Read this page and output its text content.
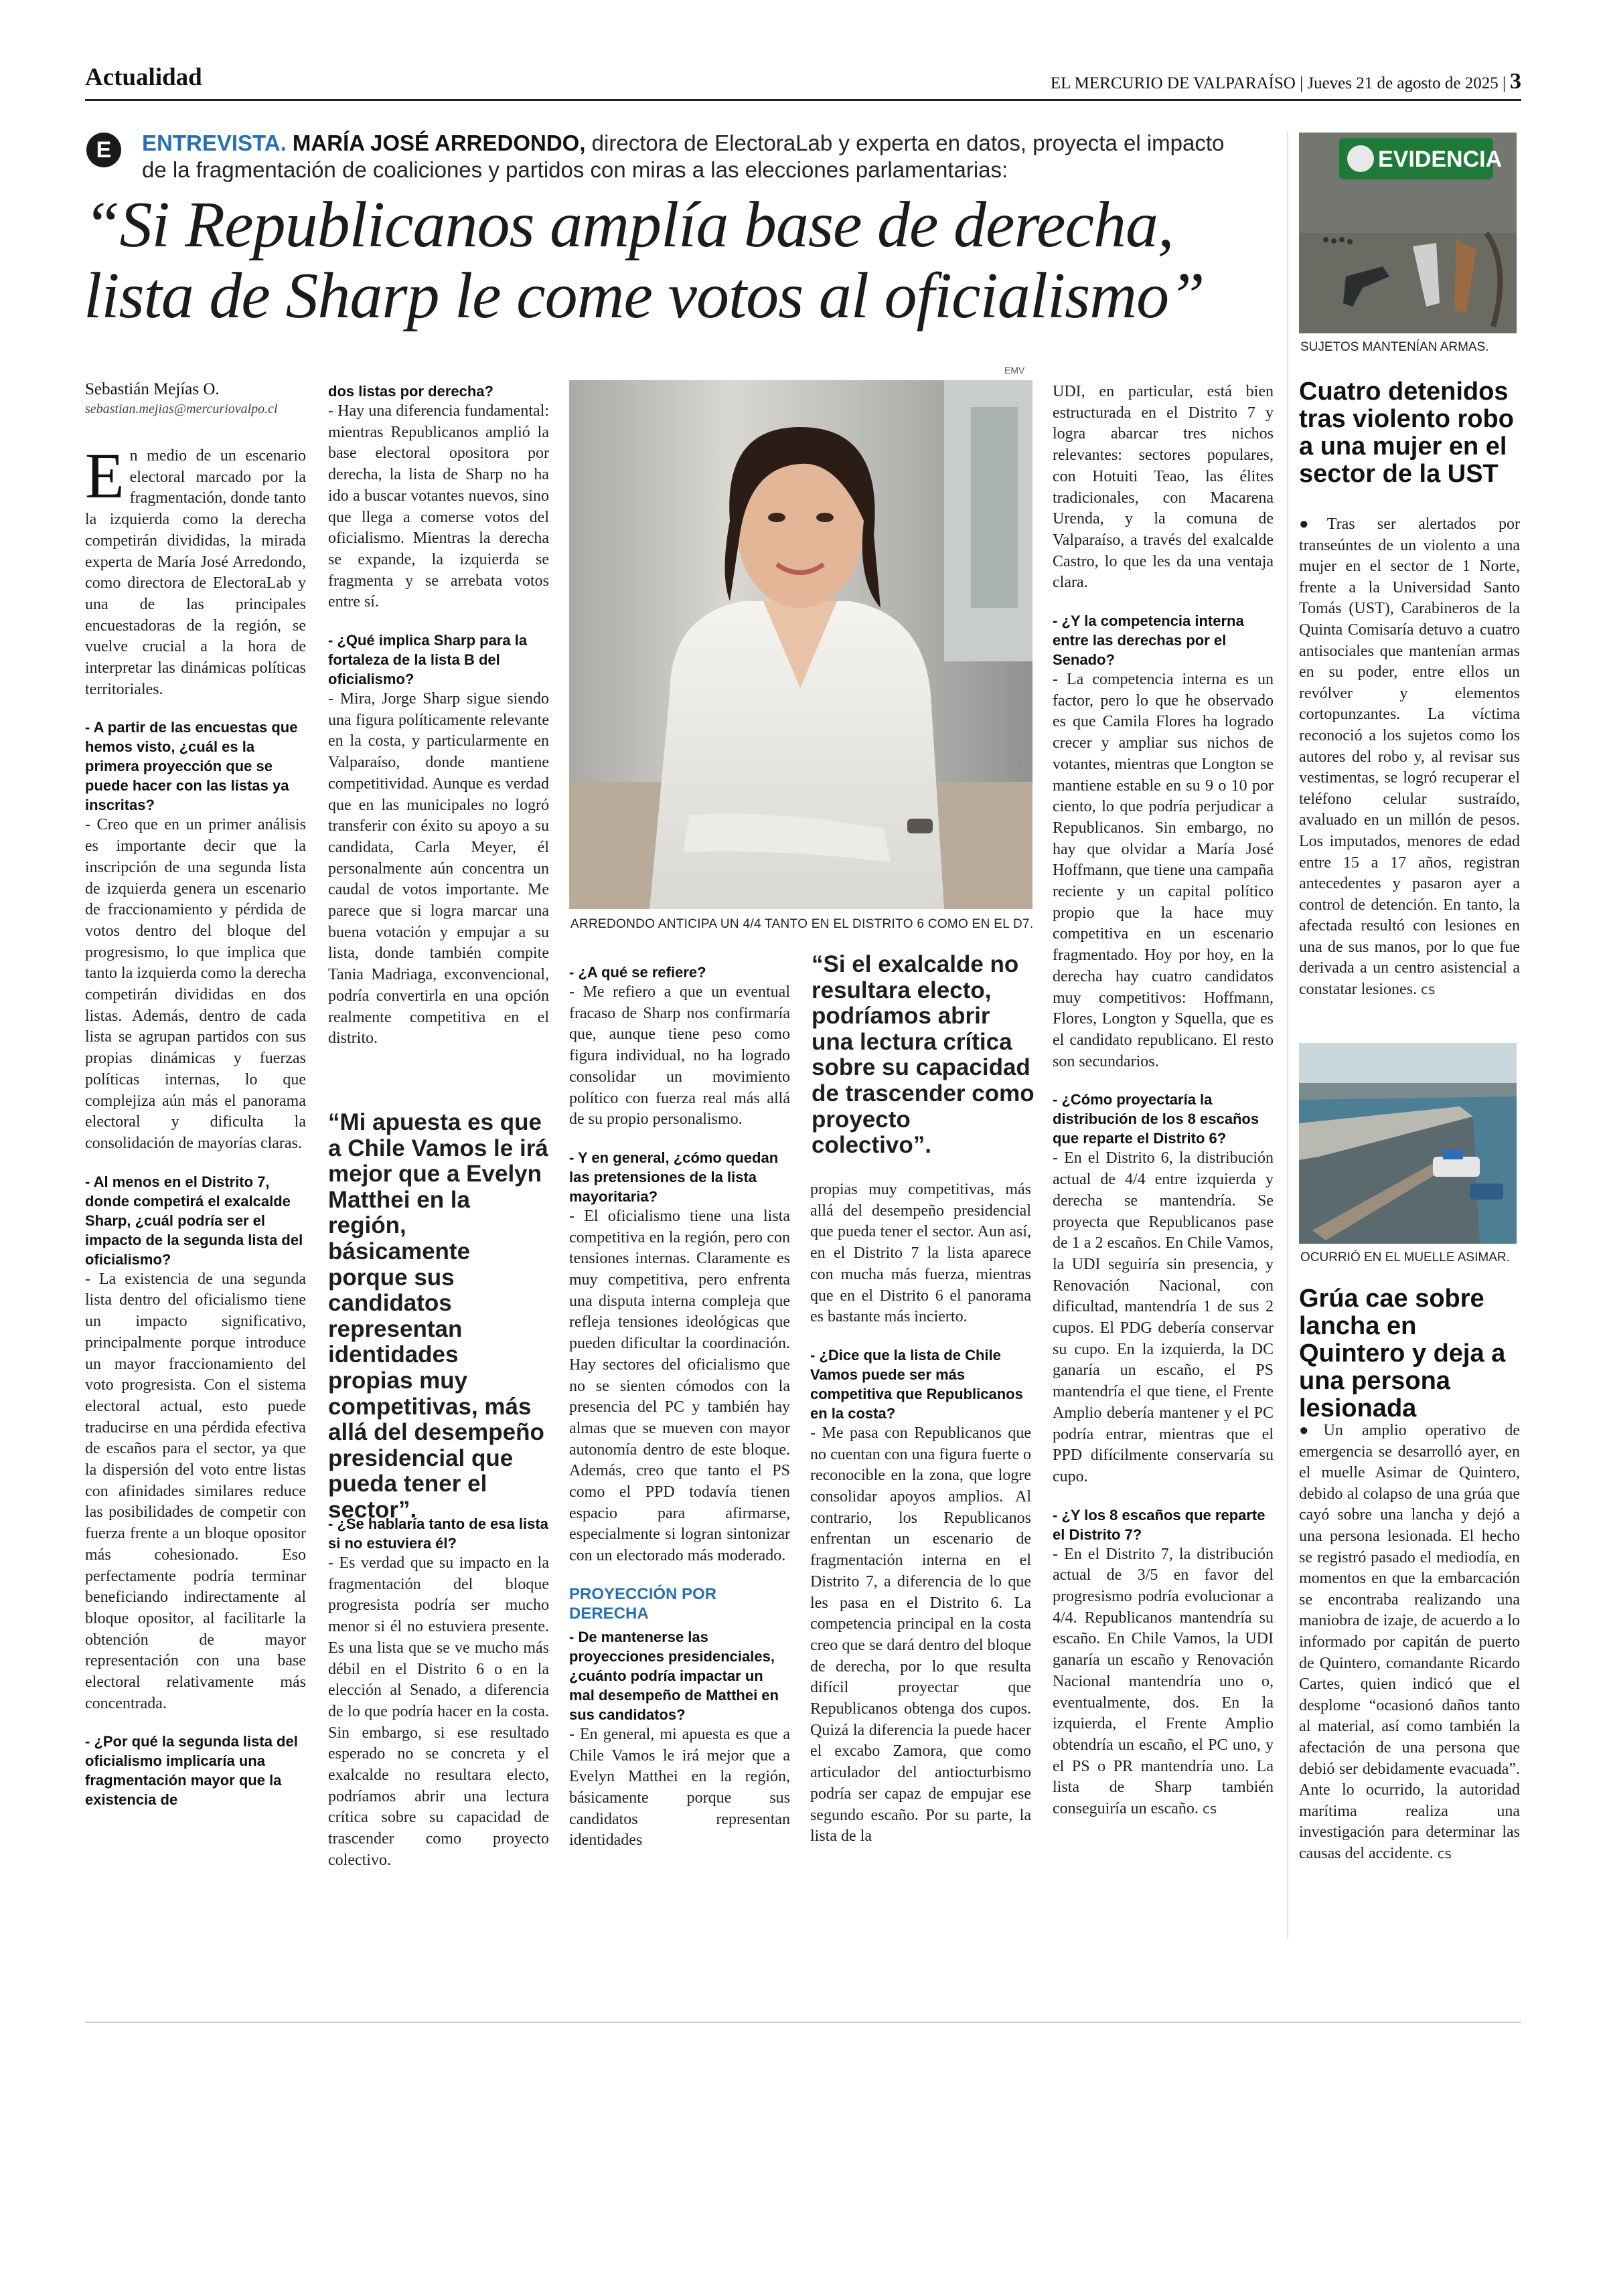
Actualidad	EL MERCURIO DE VALPARAÍSO | Jueves 21 de agosto de 2025 | 3
E	ENTREVISTA. MARÍA JOSÉ ARREDONDO, directora de ElectoraLab y experta en datos, proyecta el impacto de la fragmentación de coaliciones y partidos con miras a las elecciones parlamentarias:
“Si Republicanos amplía base de derecha,
lista de Sharp le come votos al oficialismo”
Sebastián Mejías O.
sebastian.mejias@mercuriovalpo.cl

En medio de un escenario electoral marcado por la fragmentación, donde tanto la izquierda como la derecha competirán divididas, la mirada experta de María José Arredondo, como directora de ElectoraLab y una de las principales encuestadoras de la región, se vuelve crucial a la hora de interpretar las dinámicas políticas territoriales.

- A partir de las encuestas que hemos visto, ¿cuál es la primera proyección que se puede hacer con las listas ya inscritas?

- Creo que en un primer análisis es importante decir que la inscripción de una segunda lista de izquierda genera un escenario de fraccionamiento y pérdida de votos dentro del bloque del progresismo, lo que implica que tanto la izquierda como la derecha competirán divididas en dos listas. Además, dentro de cada lista se agrupan partidos con sus propias dinámicas y fuerzas políticas internas, lo que complejiza aún más el panorama electoral y dificulta la consolidación de mayorías claras.

- Al menos en el Distrito 7, donde competirá el exalcalde Sharp, ¿cuál podría ser el impacto de la segunda lista del oficialismo?

- La existencia de una segunda lista dentro del oficialismo tiene un impacto significativo, principalmente porque introduce un mayor fraccionamiento del voto progresista. Con el sistema electoral actual, esto puede traducirse en una pérdida efectiva de escaños para el sector, ya que la dispersión del voto entre listas con afinidades similares reduce las posibilidades de competir con fuerza frente a un bloque opositor más cohesionado. Eso perfectamente podría terminar beneficiando indirectamente al bloque opositor, al facilitarle la obtención de mayor representación con una base electoral relativamente más concentrada.

- ¿Por qué la segunda lista del oficialismo implicaría una fragmentación mayor que la existencia de

dos listas por derecha?

- Hay una diferencia fundamental: mientras Republicanos amplió la base electoral opositora por derecha, la lista de Sharp no ha ido a buscar votantes nuevos, sino que llega a comerse votos del oficialismo. Mientras la derecha se expande, la izquierda se fragmenta y se arrebata votos entre sí.

- ¿Qué implica Sharp para la fortaleza de la lista B del oficialismo?

- Mira, Jorge Sharp sigue siendo una figura políticamente relevante en la costa, y particularmente en Valparaíso, donde mantiene competitividad. Aunque es verdad que en las municipales no logró transferir con éxito su apoyo a su candidata, Carla Meyer, él personalmente aún concentra un caudal de votos importante. Me parece que si logra marcar una buena votación y empujar a su lista, donde también compite Tania Madriaga, exconvencional, podría convertirla en una opción realmente competitiva en el distrito.

“Mi apuesta es que a Chile Vamos le irá mejor que a Evelyn Matthei en la región, básicamente porque sus candidatos representan identidades propias muy competitivas, más allá del desempeño presidencial que pueda tener el sector”.

- ¿Se hablaría tanto de esa lista si no estuviera él?

- Es verdad que su impacto en la fragmentación del bloque progresista podría ser mucho menor si él no estuviera presente. Es una lista que se ve mucho más débil en el Distrito 6 o en la elección al Senado, a diferencia de lo que podría hacer en la costa. Sin embargo, si ese resultado esperado no se concreta y el exalcalde no resultara electo, podríamos abrir una lectura crítica sobre su capacidad de trascender como proyecto colectivo.

EMV
ARREDONDO ANTICIPA UN 4/4 TANTO EN EL DISTRITO 6 COMO EN EL D7.

- ¿A qué se refiere?

- Me refiero a que un eventual fracaso de Sharp nos confirmaría que, aunque tiene peso como figura individual, no ha logrado consolidar un movimiento político con fuerza real más allá de su propio personalismo.

- Y en general, ¿cómo quedan las pretensiones de la lista mayoritaria?

- El oficialismo tiene una lista competitiva en la región, pero con tensiones internas. Claramente es muy competitiva, pero enfrenta una disputa interna compleja que refleja tensiones ideológicas que pueden dificultar la coordinación. Hay sectores del oficialismo que no se sienten cómodos con la presencia del PC y también hay almas que se mueven con mayor autonomía dentro de este bloque. Además, creo que tanto el PS como el PPD todavía tienen espacio para afirmarse, especialmente si logran sintonizar con un electorado más moderado.

PROYECCIÓN POR DERECHA

- De mantenerse las proyecciones presidenciales, ¿cuánto podría impactar un mal desempeño de Matthei en sus candidatos?

- En general, mi apuesta es que a Chile Vamos le irá mejor que a Evelyn Matthei en la región, básicamente porque sus candidatos representan identidades

“Si el exalcalde no resultara electo, podríamos abrir una lectura crítica sobre su capacidad de trascender como proyecto colectivo”.

propias muy competitivas, más allá del desempeño presidencial que pueda tener el sector. Aun así, en el Distrito 7 la lista aparece con mucha más fuerza, mientras que en el Distrito 6 el panorama es bastante más incierto.

- ¿Dice que la lista de Chile Vamos puede ser más competitiva que Republicanos en la costa?

- Me pasa con Republicanos que no cuentan con una figura fuerte o reconocible en la zona, que logre consolidar apoyos amplios. Al contrario, los Republicanos enfrentan un escenario de fragmentación interna en el Distrito 7, a diferencia de lo que les pasa en el Distrito 6. La competencia principal en la costa creo que se dará dentro del bloque de derecha, por lo que resulta difícil proyectar que Republicanos obtenga dos cupos. Quizá la diferencia la puede hacer el excabo Zamora, que como articulador del antiocturbismo podría ser capaz de empujar ese segundo escaño. Por su parte, la lista de la

UDI, en particular, está bien estructurada en el Distrito 7 y logra abarcar tres nichos relevantes: sectores populares, con Hotuiti Teao, las élites tradicionales, con Macarena Urenda, y la comuna de Valparaíso, a través del exalcalde Castro, lo que les da una ventaja clara.

- ¿Y la competencia interna entre las derechas por el Senado?

- La competencia interna es un factor, pero lo que he observado es que Camila Flores ha logrado crecer y ampliar sus nichos de votantes, mientras que Longton se mantiene estable en su 9 o 10 por ciento, lo que podría perjudicar a Republicanos. Sin embargo, no hay que olvidar a María José Hoffmann, que tiene una campaña reciente y un capital político propio que la hace muy competitiva en un escenario fragmentado. Hoy por hoy, en la derecha hay cuatro candidatos muy competitivos: Hoffmann, Flores, Longton y Squella, que es el candidato republicano. El resto son secundarios.

- ¿Cómo proyectaría la distribución de los 8 escaños que reparte el Distrito 6?

- En el Distrito 6, la distribución actual de 4/4 entre izquierda y derecha se mantendría. Se proyecta que Republicanos pase de 1 a 2 escaños. En Chile Vamos, la UDI seguiría sin presencia, y Renovación Nacional, con dificultad, mantendría 1 de sus 2 cupos. El PDG debería conservar su cupo. En la izquierda, la DC ganaría un escaño, el PS mantendría el que tiene, el Frente Amplio debería mantener y el PC podría entrar, mientras que el PPD difícilmente conservaría su cupo.

- ¿Y los 8 escaños que reparte el Distrito 7?

- En el Distrito 7, la distribución actual de 3/5 en favor del progresismo podría evolucionar a 4/4. Republicanos mantendría su escaño. En Chile Vamos, la UDI ganaría un escaño y Renovación Nacional mantendría uno o, eventualmente, dos. En la izquierda, el Frente Amplio obtendría un escaño, el PC uno, y el PS o PR mantendría uno. La lista de Sharp también conseguiría un escaño. cs

EVIDENCIA
SUJETOS MANTENÍAN ARMAS.
Cuatro detenidos tras violento robo a una mujer en el sector de la UST
●Tras ser alertados por transeúntes de un violento a una mujer en el sector de 1 Norte, frente a la Universidad Santo Tomás (UST), Carabineros de la Quinta Comisaría detuvo a cuatro antisociales que mantenían armas en su poder, entre ellos un revólver y elementos cortopunzantes. La víctima reconoció a los sujetos como los autores del robo y, al revisar sus vestimentas, se logró recuperar el teléfono celular sustraído, avaluado en un millón de pesos. Los imputados, menores de edad entre 15 a 17 años, registran antecedentes y pasaron ayer a control de detención. En tanto, la afectada resultó con lesiones en una de sus manos, por lo que fue derivada a un centro asistencial a constatar lesiones. cs
OCURRIÓ EN EL MUELLE ASIMAR.
Grúa cae sobre lancha en Quintero y deja a una persona lesionada
●Un amplio operativo de emergencia se desarrolló ayer, en el muelle Asimar de Quintero, debido al colapso de una grúa que cayó sobre una lancha y dejó a una persona lesionada. El hecho se registró pasado el mediodía, en momentos en que la embarcación se encontraba realizando una maniobra de izaje, de acuerdo a lo informado por capitán de puerto de Quintero, comandante Ricardo Cartes, quien indicó que el desplome “ocasionó daños tanto al material, así como también la afectación de una persona que debió ser debidamente evacuada”. Ante lo ocurrido, la autoridad marítima realiza una investigación para determinar las causas del accidente. cs
